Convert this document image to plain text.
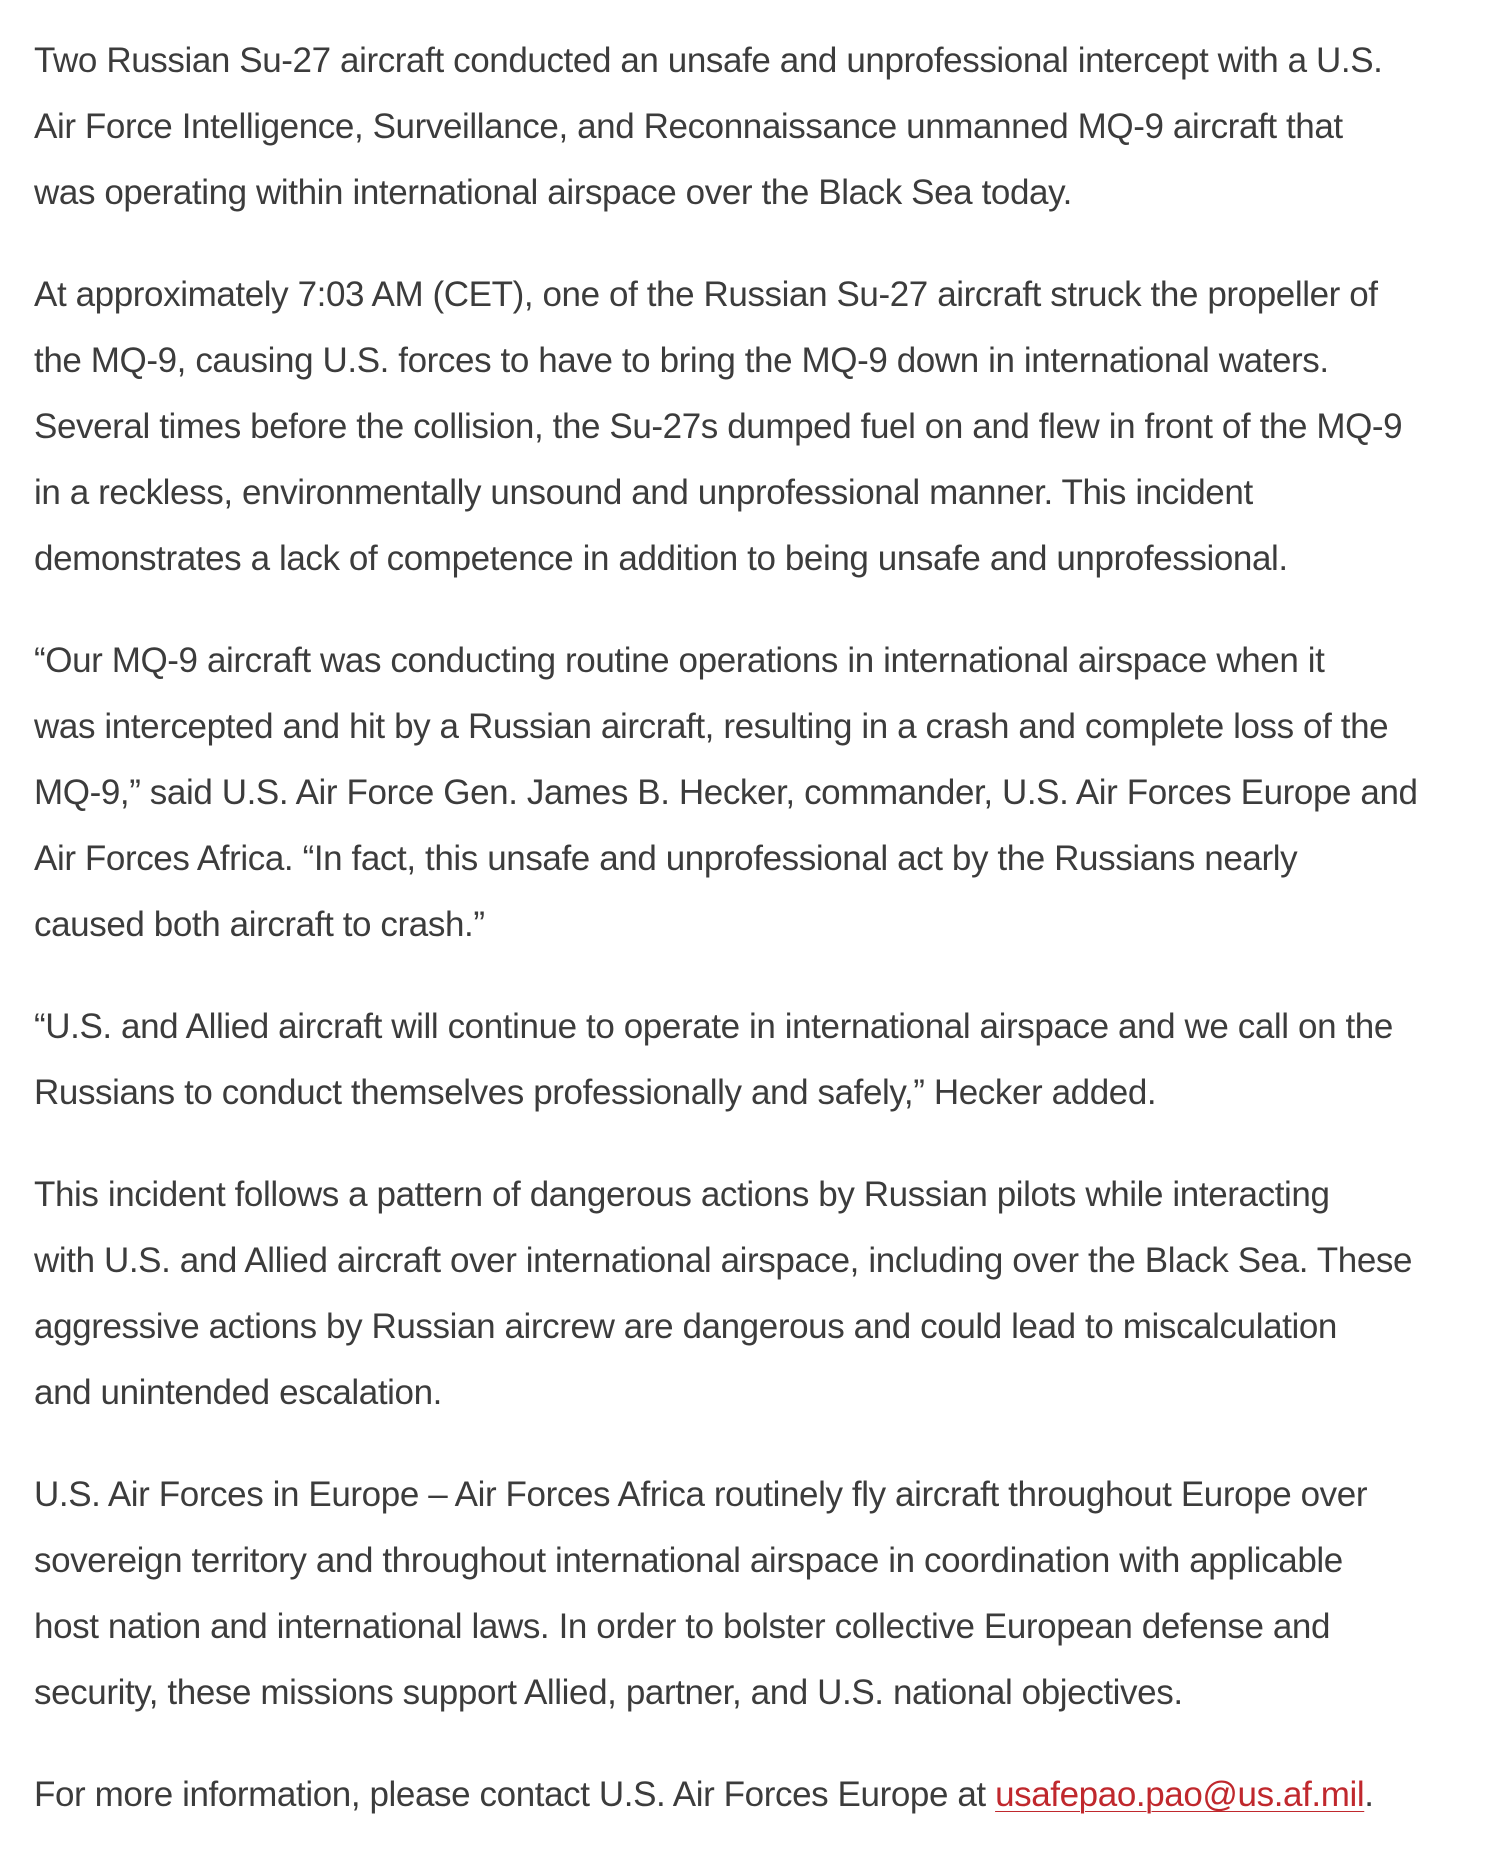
Two Russian Su-27 aircraft conducted an unsafe and unprofessional intercept with a U.S.
Air Force Intelligence, Surveillance, and Reconnaissance unmanned MQ-9 aircraft that
was operating within international airspace over the Black Sea today.

At approximately 7:03 AM (CET), one of the Russian Su-27 aircraft struck the propeller of
the MQ-9, causing U.S. forces to have to bring the MQ-9 down in international waters.
Several times before the collision, the Su-27s dumped fuel on and flew in front of the MQ-9
in a reckless, environmentally unsound and unprofessional manner. This incident
demonstrates a lack of competence in addition to being unsafe and unprofessional.

“Our MQ-9 aircraft was conducting routine operations in international airspace when it
was intercepted and hit by a Russian aircraft, resulting in a crash and complete loss of the
MQ-9,” said U.S. Air Force Gen. James B. Hecker, commander, U.S. Air Forces Europe and
Air Forces Africa. “In fact, this unsafe and unprofessional act by the Russians nearly
caused both aircraft to crash.”

“U.S. and Allied aircraft will continue to operate in international airspace and we call on the
Russians to conduct themselves professionally and safely,” Hecker added.

This incident follows a pattern of dangerous actions by Russian pilots while interacting
with U.S. and Allied aircraft over international airspace, including over the Black Sea. These
aggressive actions by Russian aircrew are dangerous and could lead to miscalculation
and unintended escalation.

U.S. Air Forces in Europe – Air Forces Africa routinely fly aircraft throughout Europe over
sovereign territory and throughout international airspace in coordination with applicable
host nation and international laws. In order to bolster collective European defense and
security, these missions support Allied, partner, and U.S. national objectives.

For more information, please contact U.S. Air Forces Europe at usafepao.pao@us.af.mil.
